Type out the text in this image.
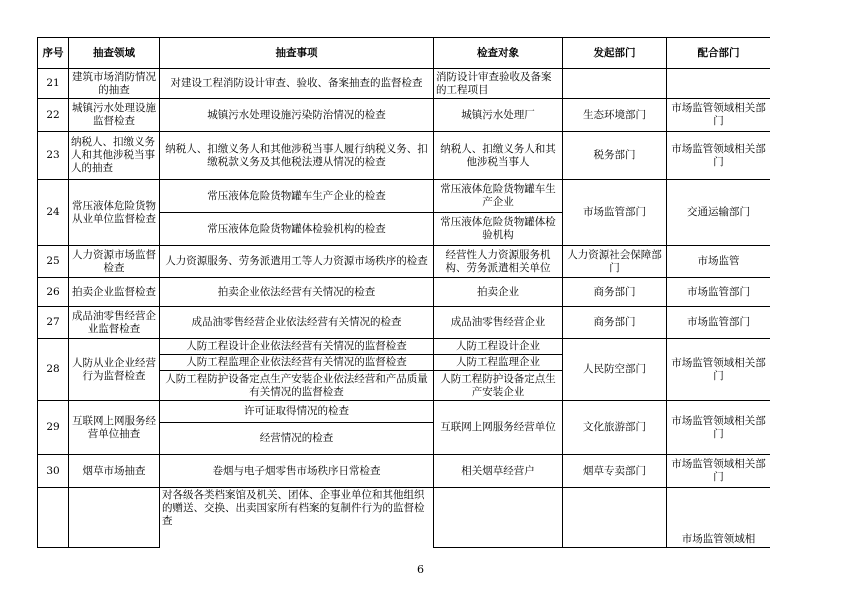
序号	抽查领域	抽查事项	检查对象	发起部门	配合部门
21	建筑市场消防情况的抽查	对建设工程消防设计审查、验收、备案抽查的监督检查	消防设计审查验收及备案的工程项目		
22	城镇污水处理设施监督检查	城镇污水处理设施污染防治情况的检查	城镇污水处理厂	生态环境部门	市场监管领域相关部门
23	纳税人、扣缴义务人和其他涉税当事人的抽查	纳税人、扣缴义务人和其他涉税当事人履行纳税义务、扣缴税款义务及其他税法遵从情况的检查	纳税人、扣缴义务人和其他涉税当事人	税务部门	市场监管领域相关部门
24	常压液体危险货物从业单位监督检查	常压液体危险货物罐车生产企业的检查	常压液体危险货物罐车生产企业	市场监管部门	交通运输部门
		常压液体危险货物罐体检验机构的检查	常压液体危险货物罐体检验机构		
25	人力资源市场监督检查	人力资源服务、劳务派遣用工等人力资源市场秩序的检查	经营性人力资源服务机构、劳务派遣相关单位	人力资源社会保障部门	市场监管
26	拍卖企业监督检查	拍卖企业依法经营有关情况的检查	拍卖企业	商务部门	市场监管部门
27	成品油零售经营企业监督检查	成品油零售经营企业依法经营有关情况的检查	成品油零售经营企业	商务部门	市场监管部门
28	人防从业企业经营行为监督检查	人防工程设计企业依法经营有关情况的监督检查	人防工程设计企业	人民防空部门	市场监管领域相关部门
		人防工程监理企业依法经营有关情况的监督检查	人防工程监理企业		
		人防工程防护设备定点生产安装企业依法经营和产品质量有关情况的监督检查	人防工程防护设备定点生产安装企业		
29	互联网上网服务经营单位抽查	许可证取得情况的检查	互联网上网服务经营单位	文化旅游部门	市场监管领域相关部门
		经营情况的检查			
30	烟草市场抽查	卷烟与电子烟零售市场秩序日常检查	相关烟草经营户	烟草专卖部门	市场监管领域相关部门
		对各级各类档案馆及机关、团体、企事业单位和其他组织的赠送、交换、出卖国家所有档案的复制件行为的监督检查			市场监管领域相
6
